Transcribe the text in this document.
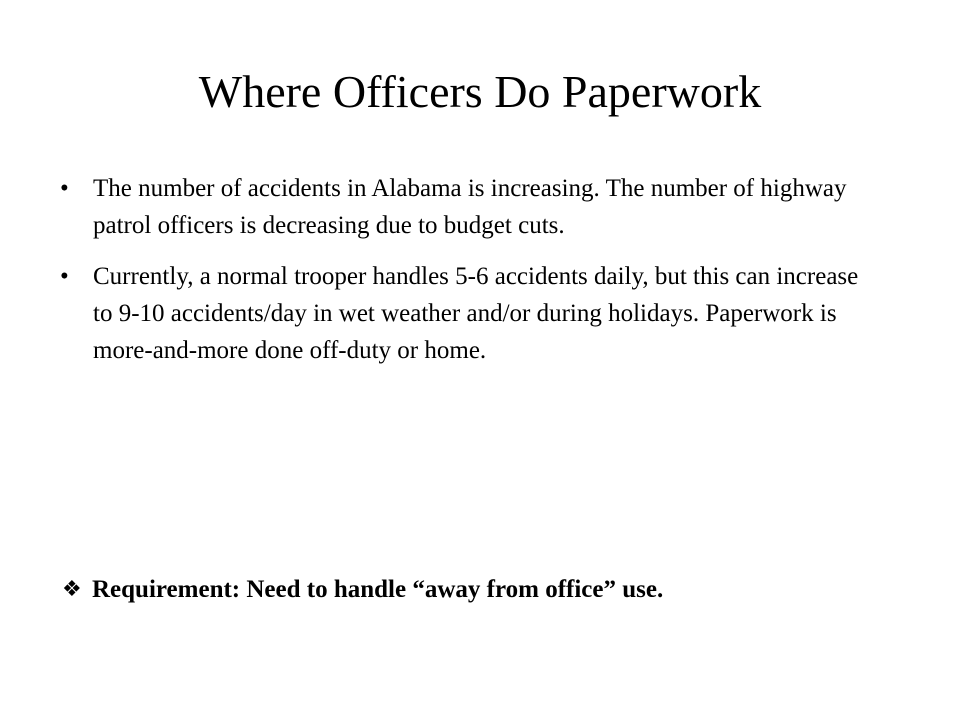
Where Officers Do Paperwork
• The number of accidents in Alabama is increasing. The number of highway patrol officers is decreasing due to budget cuts.
• Currently, a normal trooper handles 5-6 accidents daily, but this can increase to 9-10 accidents/day in wet weather and/or during holidays. Paperwork is more-and-more done off-duty or home.
❖ Requirement: Need to handle “away from office” use.
